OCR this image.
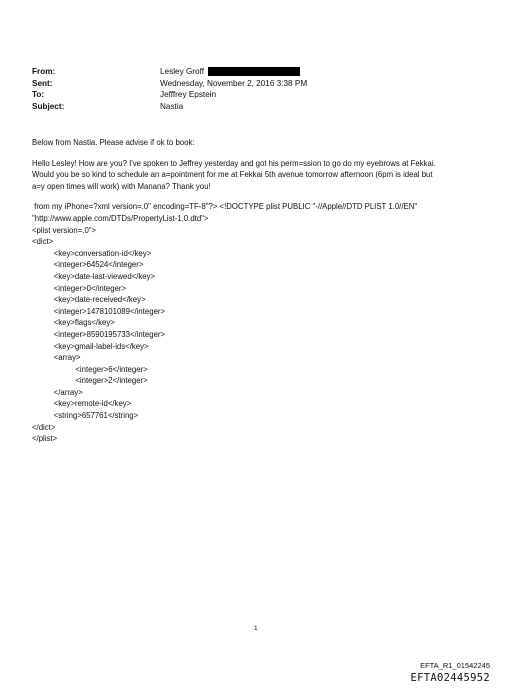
From:	Lesley Groff
Sent:	Wednesday, November 2, 2016 3:38 PM
To:	Jefffrey Epstein
Subject:	Nastia
Below from Nastia. Please advise if ok to book:
Hello Lesley! How are you? I've spoken to Jeffrey yesterday and got his perm=ssion to go do my eyebrows at Fekkai.
Would you be so kind to schedule an a=pointment for me at Fekkai 5th avenue tomorrow afternoon (6pm is ideal but
a=y open times will work) with Manana? Thank you!
from my iPhone=?xml version=.0" encoding=TF-8"?> <!DOCTYPE plist PUBLIC "-//Apple//DTD PLIST 1.0//EN"
"http://www.apple.com/DTDs/PropertyList-1.0.dtd">
<plist version=.0">
<dict>
<key>conversation-id</key>
<integer>64524</integer>
<key>date-last-viewed</key>
<integer>0</integer>
<key>date-received</key>
<integer>1478101089</integer>
<key>flags</key>
<integer>8590195733</integer>
<key>gmail-label-ids</key>
<array>
<integer>6</integer>
<integer>2</integer>
</array>
<key>remote-id</key>
<string>657761</string>
</dict>
</plist>
1
EFTA_R1_01542245
EFTA02445952
